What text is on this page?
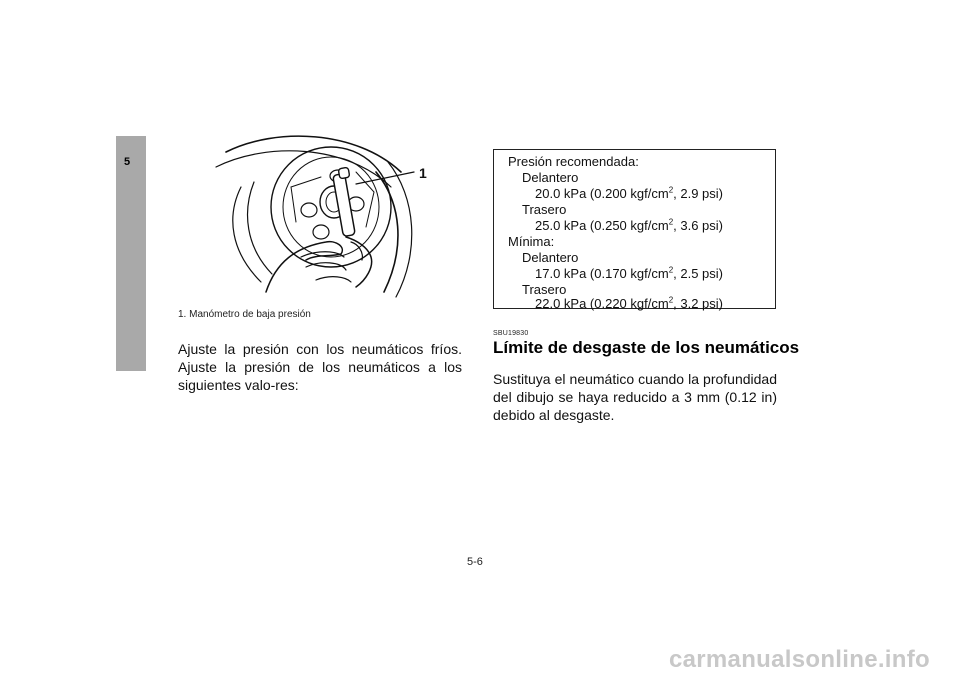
5
1
1. Manómetro de baja presión
Ajuste la presión con los neumáticos fríos. Ajuste la presión de los neumáticos a los siguientes valo-res:
Presión recomendada:
Delantero
20.0 kPa (0.200 kgf/$cm^2$, 2.9 psi)
Trasero
25.0 kPa (0.250 kgf/$cm^2$, 3.6 psi)
Mínima:
Delantero
17.0 kPa (0.170 kgf/$cm^2$, 2.5 psi)
Trasero
22.0 kPa (0.220 kgf/$cm^2$, 3.2 psi)
SBU19830
Límite de desgaste de los neumáticos
Sustituya el neumático cuando la profundidad del dibujo se haya reducido a 3 mm (0.12 in) debido al desgaste.
5-6
carmanualsonline.info
